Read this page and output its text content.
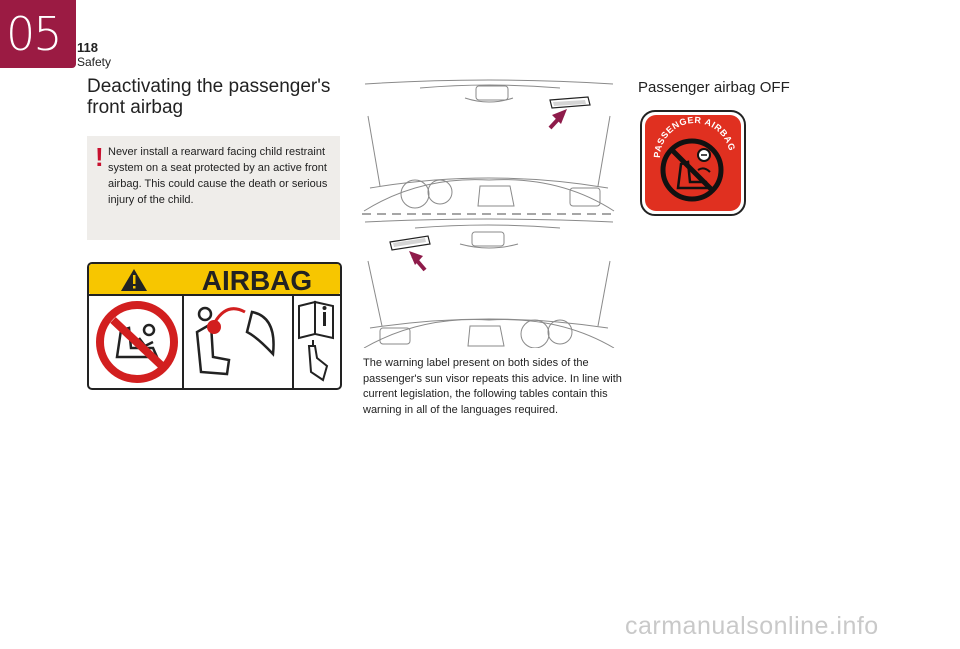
05 118
Safety
Deactivating the passenger's front airbag
! Never install a rearward facing child restraint system on a seat protected by an active front airbag. This could cause the death or serious injury of the child.
AIRBAG
The warning label present on both sides of the passenger's sun visor repeats this advice. In line with current legislation, the following tables contain this warning in all of the languages required.
Passenger airbag OFF
PASSENGER AIRBAG
carmanualsonline.info
